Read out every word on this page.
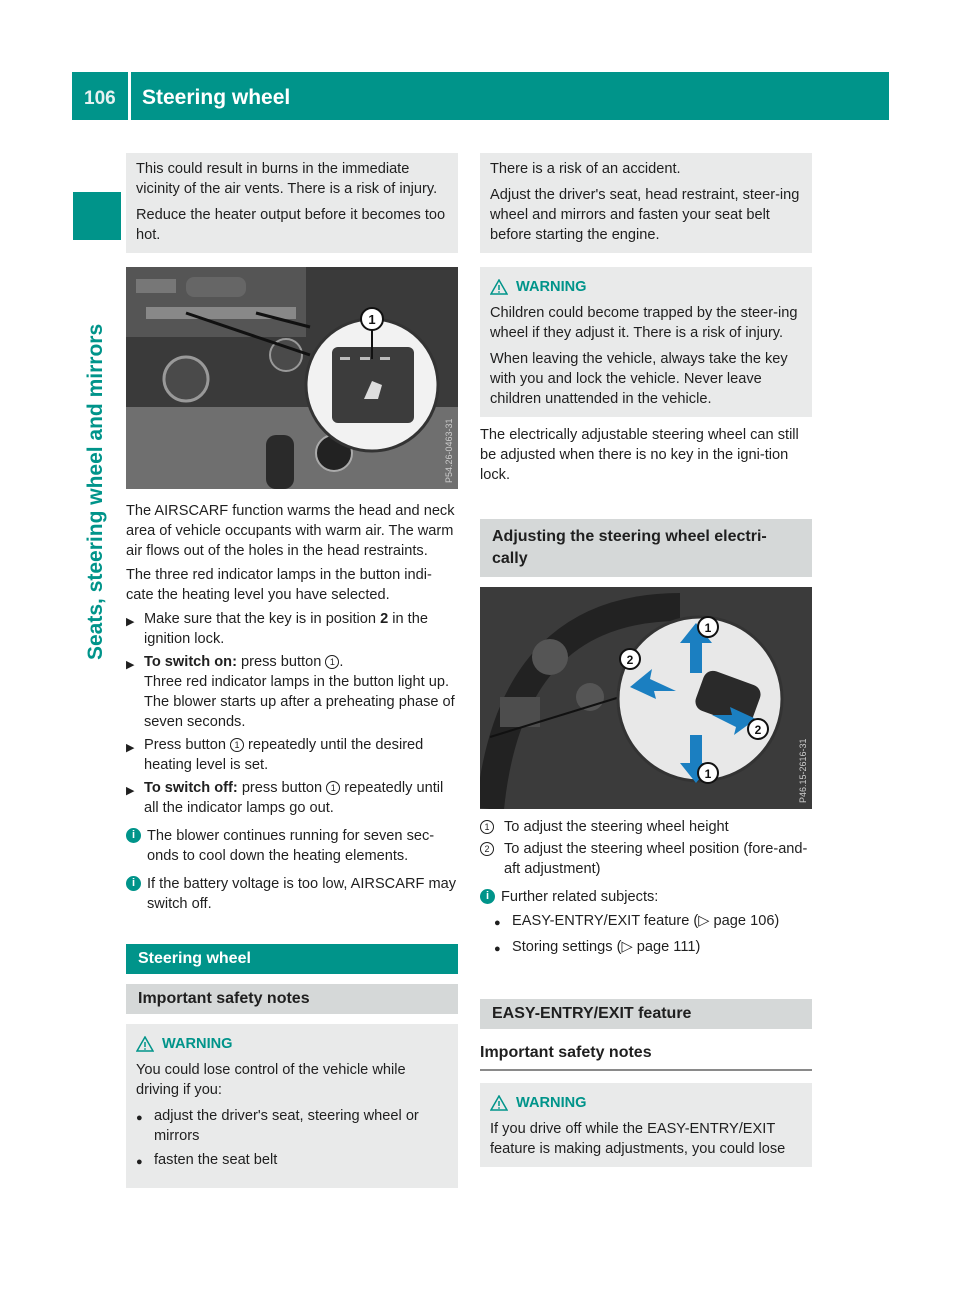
106 Steering wheel
Seats, steering wheel and mirrors

This could result in burns in the immediate vicinity of the air vents. There is a risk of injury.

Reduce the heater output before it becomes too hot.

1
P54.26-0463-31

The AIRSCARF function warms the head and neck area of vehicle occupants with warm air. The warm air flows out of the holes in the head restraints.

The three red indicator lamps in the button indi-cate the heating level you have selected.

▶ Make sure that the key is in position 2 in the ignition lock.
▶ To switch on: press button 1 .
Three red indicator lamps in the button light up. The blower starts up after a preheating phase of seven seconds.
▶ Press button 1 repeatedly until the desired heating level is set.
▶ To switch off: press button 1 repeatedly until all the indicator lamps go out.
i The blower continues running for seven sec-onds to cool down the heating elements.
i If the battery voltage is too low, AIRSCARF may switch off.
Steering wheel
Important safety notes

WARNING

You could lose control of the vehicle while driving if you:

● adjust the driver's seat, steering wheel or mirrors
● fasten the seat belt

There is a risk of an accident.

Adjust the driver's seat, head restraint, steer-ing wheel and mirrors and fasten your seat belt before starting the engine.

WARNING

Children could become trapped by the steer-ing wheel if they adjust it. There is a risk of injury.

When leaving the vehicle, always take the key with you and lock the vehicle. Never leave children unattended in the vehicle.

The electrically adjustable steering wheel can still be adjusted when there is no key in the igni-tion lock.

Adjusting the steering wheel electri-cally
1
1
2
2
P46.15-2616-31
1 To adjust the steering wheel height
2 To adjust the steering wheel position (fore-and-aft adjustment)
i Further related subjects:
● EASY-ENTRY/EXIT feature (▷ page 106)
● Storing settings (▷ page 111)
EASY-ENTRY/EXIT feature
Important safety notes

WARNING

If you drive off while the EASY-ENTRY/EXIT feature is making adjustments, you could lose
